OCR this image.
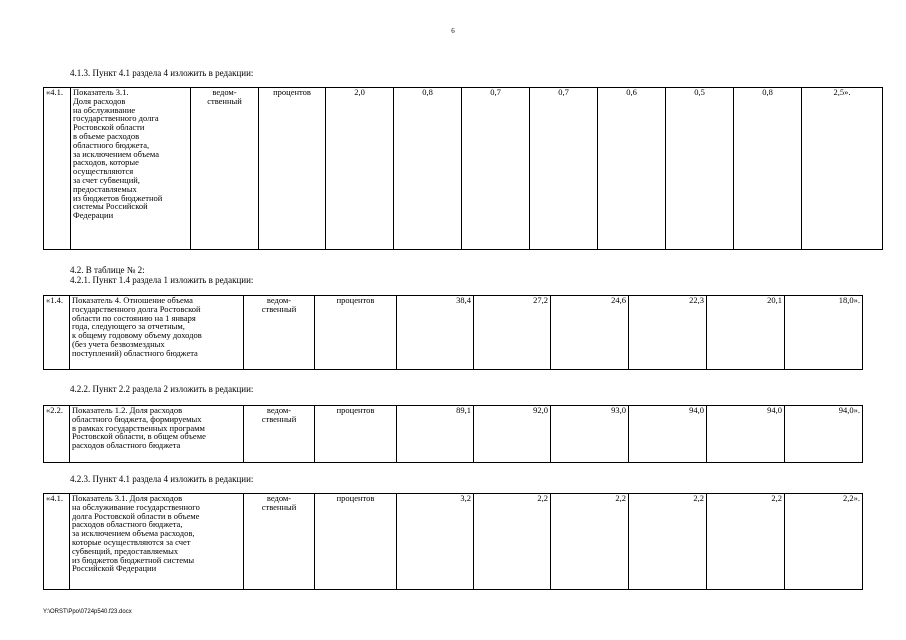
6
4.1.3. Пункт 4.1 раздела 4 изложить в редакции:
«4.1.	Показатель 3.1.
Доля расходов
на обслуживание
государственного долга
Ростовской области
в объеме расходов
областного бюджета,
за исключением объема
расходов, которые
осуществляются
за счет субвенций,
предоставляемых
из бюджетов бюджетной
системы Российской
Федерации	ведом-
ственный	процентов	2,0	0,8	0,7	0,7	0,6	0,5	0,8	2,5».
4.2. В таблице № 2:
4.2.1. Пункт 1.4 раздела 1 изложить в редакции:
«1.4.	Показатель 4. Отношение объема
государственного долга Ростовской
области по состоянию на 1 января
года, следующего за отчетным,
к общему годовому объему доходов
(без учета безвозмездных
поступлений) областного бюджета	ведом-
ственный	процентов	38,4	27,2	24,6	22,3	20,1	18,0».
4.2.2. Пункт 2.2 раздела 2 изложить в редакции:
«2.2.	Показатель 1.2. Доля расходов
областного бюджета, формируемых
в рамках государственных программ
Ростовской области, в общем объеме
расходов областного бюджета	ведом-
ственный	процентов	89,1	92,0	93,0	94,0	94,0	94,0».
4.2.3. Пункт 4.1 раздела 4 изложить в редакции:
«4.1.	Показатель 3.1. Доля расходов
на обслуживание государственного
долга Ростовской области в объеме
расходов областного бюджета,
за исключением объема расходов,
которые осуществляются за счет
субвенций, предоставляемых
из бюджетов бюджетной системы
Российской Федерации	ведом-
ственный	процентов	3,2	2,2	2,2	2,2	2,2	2,2».
Y:\ORST\Ppo\0724p540.f23.docx
